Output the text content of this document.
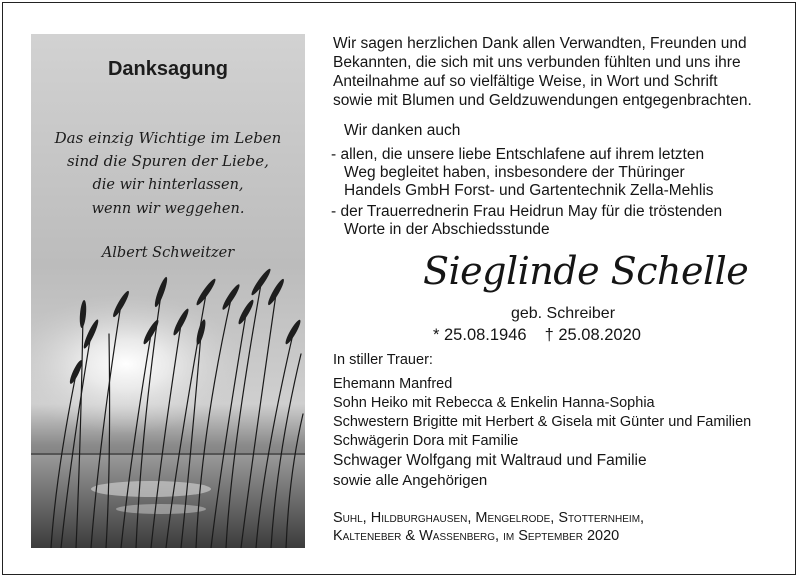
Danksagung
Das einzig Wichtige im Leben
sind die Spuren der Liebe,
die wir hinterlassen,
wenn wir weggehen.
Albert Schweitzer
Wir sagen herzlichen Dank allen Verwandten, Freunden und
Bekannten, die sich mit uns verbunden fühlten und uns ihre
Anteilnahme auf so vielfältige Weise, in Wort und Schrift
sowie mit Blumen und Geldzuwendungen entgegenbrachten.
Wir danken auch
- allen, die unsere liebe Entschlafene auf ihrem letzten
Weg begleitet haben, insbesondere der Thüringer
Handels GmbH Forst- und Gartentechnik Zella-Mehlis
- der Trauerrednerin Frau Heidrun May für die tröstenden
Worte in der Abschiedsstunde
Sieglinde Schelle
geb. Schreiber
* 25.08.1946 † 25.08.2020
In stiller Trauer:
Ehemann Manfred
Sohn Heiko mit Rebecca & Enkelin Hanna-Sophia
Schwestern Brigitte mit Herbert & Gisela mit Günter und Familien
Schwägerin Dora mit Familie
Schwager Wolfgang mit Waltraud und Familie
sowie alle Angehörigen
Suhl, Hildburghausen, Mengelrode, Stotternheim,
Kalteneber & Wassenberg, im September 2020
